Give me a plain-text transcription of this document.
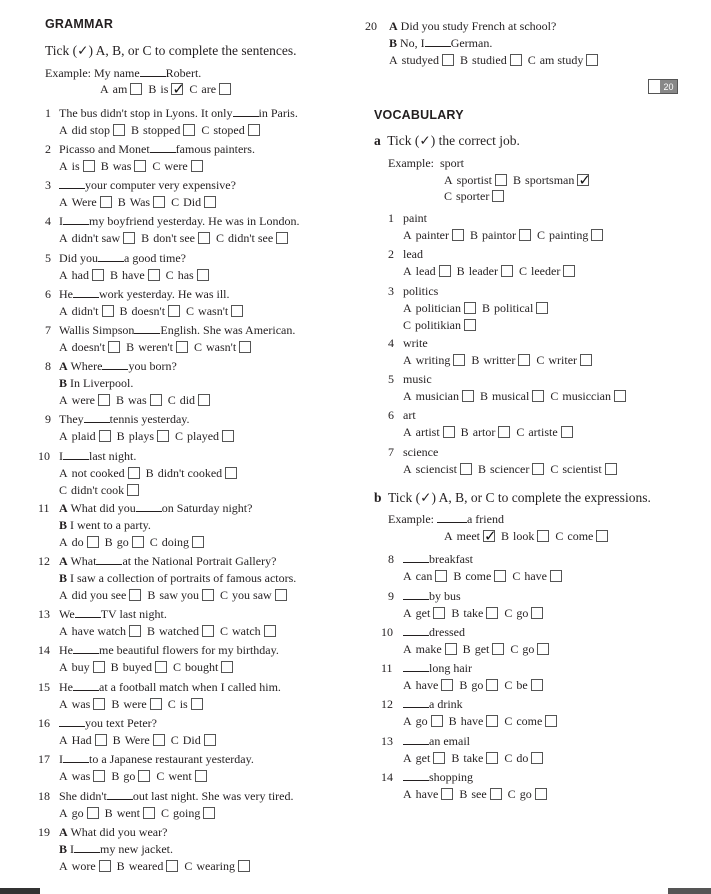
GRAMMAR
Tick (✓) A, B, or C to complete the sentences.
Example: My name Robert.
A am B is ✓ C are
1 The bus didn't stop in Lyons. It only in Paris.
A did stop B stopped C stoped
2 Picasso and Monet famous painters.
A is B was C were
3	your computer very expensive?
A Were B Was C Did
4 I my boyfriend yesterday. He was in London.
A didn't saw B don't see C didn't see
5 Did you a good time?
A had B have C has
6 He work yesterday. He was ill.
A didn't B doesn't C wasn't
7 Wallis Simpson English. She was American.
A doesn't B weren't C wasn't
8 A Where you born?
B In Liverpool.
A were B was C did
9 They tennis yesterday.
A plaid B plays C played
10 I last night.
A not cooked B didn't cooked
C didn't cook
11 A What did you on Saturday night?
B I went to a party.
A do B go C doing
12 A What at the National Portrait Gallery?
B I saw a collection of portraits of famous actors.
A did you see B saw you C you saw
13 We TV last night.
A have watch B watched C watch
14 He me beautiful flowers for my birthday.
A buy B buyed C bought
15 He at a football match when I called him.
A was B were C is
16	you text Peter?
A Had B Were C Did
17 I to a Japanese restaurant yesterday.
A was B go C went
18 She didn't out last night. She was very tired.
A go B went C going
19 A What did you wear?
B I my new jacket.
A wore B weared C wearing
20 A Did you study French at school?
B No, I German.
A studyed B studied C am study
20
VOCABULARY
a Tick (✓) the correct job.
Example: sport
A sportist B sportsman✓
C sporter
1 paint
A painter B paintor C painting
2 lead
A lead B leader C leeder
3 politics
A politician B political
C politikian
4 write
A writing B writter C writer
5 music
A musician B musical C musiccian
6 art
A artist B artor C artiste
7 science
A sciencist B sciencer C scientist
b Tick (✓) A, B, or C to complete the expressions.
Example:	a friend
A meet ✓ B look C come
8	breakfast
A can B come C have
9	by bus
A get B take C go
10	dressed
A make B get C go
11	long hair
A have B go C be
12	a drink
A go B have C come
13	an email
A get B take C do
14	shopping
A have B see C go
